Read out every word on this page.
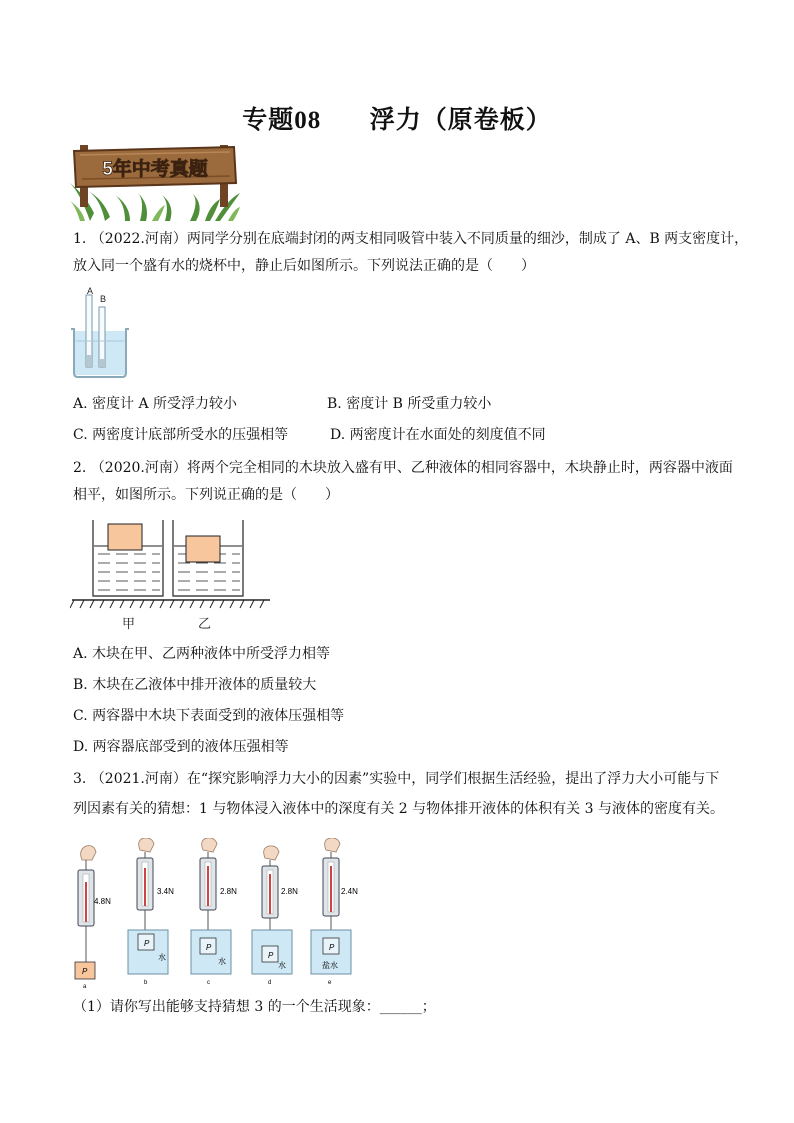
专题08 浮力（原卷板）
5年中考真题
1. （2022.河南）两同学分别在底端封闭的两支相同吸管中装入不同质量的细沙，制成了 A、B 两支密度计，
放入同一个盛有水的烧杯中，静止后如图所示。下列说法正确的是（　　）
A
B
A. 密度计 A 所受浮力较小	B. 密度计 B 所受重力较小
C. 两密度计底部所受水的压强相等	D. 两密度计在水面处的刻度值不同
2. （2020.河南）将两个完全相同的木块放入盛有甲、乙种液体的相同容器中，木块静止时，两容器中液面
相平，如图所示。下列说正确的是（　　）
甲	乙
A. 木块在甲、乙两种液体中所受浮力相等
B. 木块在乙液体中排开液体的质量较大
C. 两容器中木块下表面受到的液体压强相等
D. 两容器底部受到的液体压强相等
3. （2021.河南）在“探究影响浮力大小的因素”实验中，同学们根据生活经验，提出了浮力大小可能与下
列因素有关的猜想：1 与物体浸入液体中的深度有关 2 与物体排开液体的体积有关 3 与液体的密度有关。
P
4.8N
a
P
水
3.4N
b
P
水
2.8N
c
P
水
2.8N
d
P
盐水
2.4N
e
（1）请你写出能够支持猜想 3 的一个生活现象：______；
